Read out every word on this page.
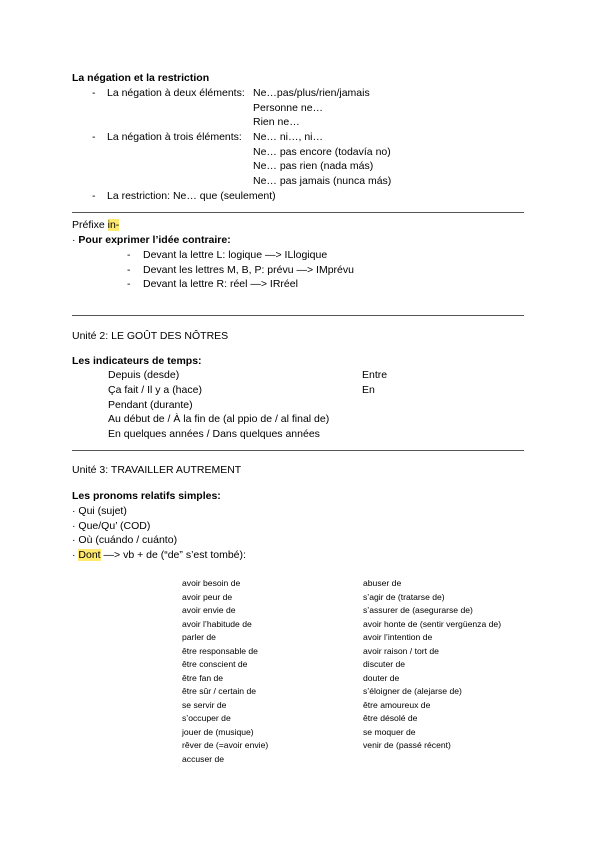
La négation et la restriction
- La négation à deux éléments: Ne…pas/plus/rien/jamais
Personne ne…
Rien ne…
- La négation à trois éléments: Ne… ni…, ni…
Ne… pas encore (todavía no)
Ne… pas rien (nada más)
Ne… pas jamais (nunca más)
- La restriction: Ne… que (seulement)
Préfixe in-
· Pour exprimer l’idée contraire:
- Devant la lettre L: logique —> ILlogique
- Devant les lettres M, B, P: prévu —> IMprévu
- Devant la lettre R: réel —> IRréel
Unité 2: LE GOÛT DES NÔTRES
Les indicateurs de temps:
Depuis (desde)
Ça fait / Il y a (hace)
Pendant (durante)
Au début de / À la fin de (al ppio de / al final de)
En quelques années / Dans quelques années
Entre
En
Unité 3: TRAVAILLER AUTREMENT
Les pronoms relatifs simples:
· Qui (sujet)
· Que/Qu’ (COD)
· Où (cuándo / cuánto)
· Dont —> vb + de (“de” s’est tombé):
avoir besoin de
avoir peur de
avoir envie de
avoir l’habitude de
parler de
être responsable de
être conscient de
être fan de
être sûr / certain de
se servir de
s’occuper de
jouer de (musique)
rêver de (=avoir envie)
accuser de
abuser de
s’agir de (tratarse de)
s’assurer de (asegurarse de)
avoir honte de (sentir vergüenza de)
avoir l’intention de
avoir raison / tort de
discuter de
douter de
s’éloigner de (alejarse de)
être amoureux de
être désolé de
se moquer de
venir de (passé récent)
